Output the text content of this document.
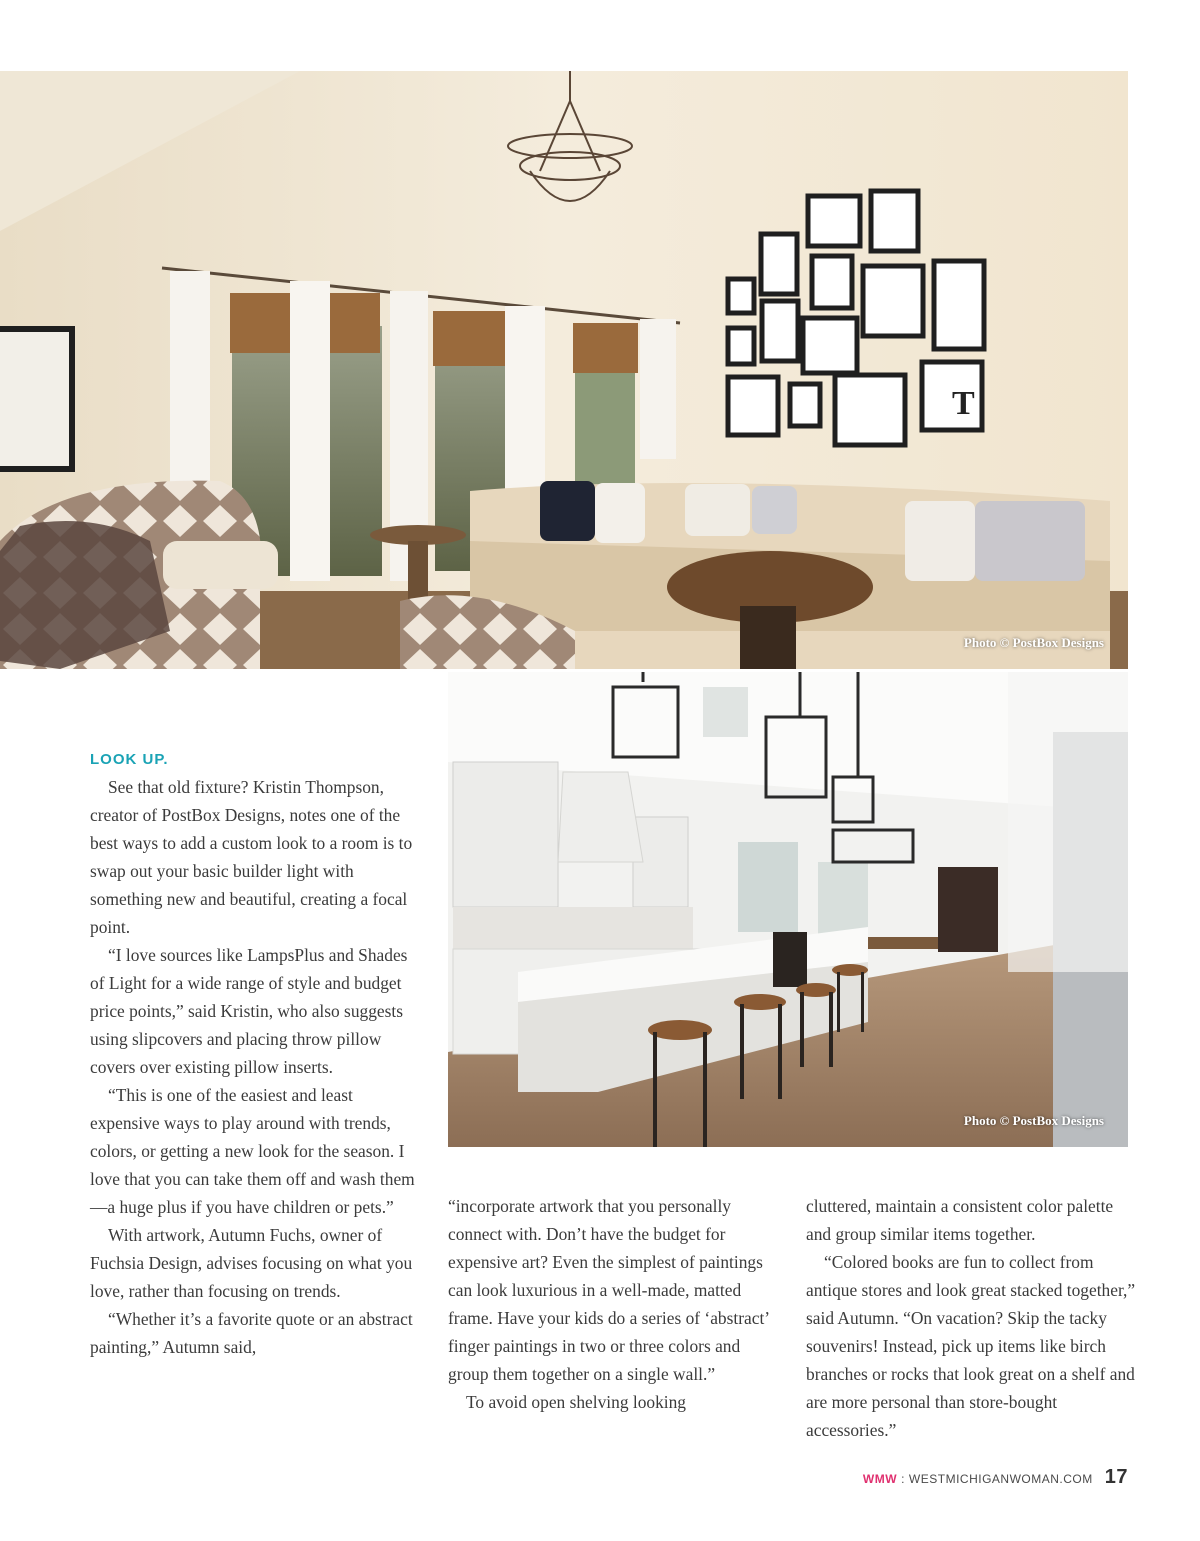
T
Photo © PostBox Designs
Photo © PostBox Designs
LOOK UP.

See that old fixture? Kristin Thompson, creator of PostBox Designs, notes one of the best ways to add a custom look to a room is to swap out your basic builder light with something new and beautiful, creating a focal point.

“I love sources like LampsPlus and Shades of Light for a wide range of style and budget price points,” said Kristin, who also suggests using slipcovers and placing throw pillow covers over existing pillow inserts.

“This is one of the easiest and least expensive ways to play around with trends, colors, or getting a new look for the season. I love that you can take them off and wash them—a huge plus if you have children or pets.”

With artwork, Autumn Fuchs, owner of Fuchsia Design, advises focusing on what you love, rather than focusing on trends.

“Whether it’s a favorite quote or an abstract painting,” Autumn said,

“incorporate artwork that you personally connect with. Don’t have the budget for expensive art? Even the simplest of paintings can look luxurious in a well-made, matted frame. Have your kids do a series of ‘abstract’ finger paintings in two or three colors and group them together on a single wall.”

To avoid open shelving looking

cluttered, maintain a consistent color palette and group similar items together.

“Colored books are fun to collect from antique stores and look great stacked together,” said Autumn. “On vacation? Skip the tacky souvenirs! Instead, pick up items like birch branches or rocks that look great on a shelf and are more personal than store-bought accessories.”

WMW : WESTMICHIGANWOMAN.COM 17
